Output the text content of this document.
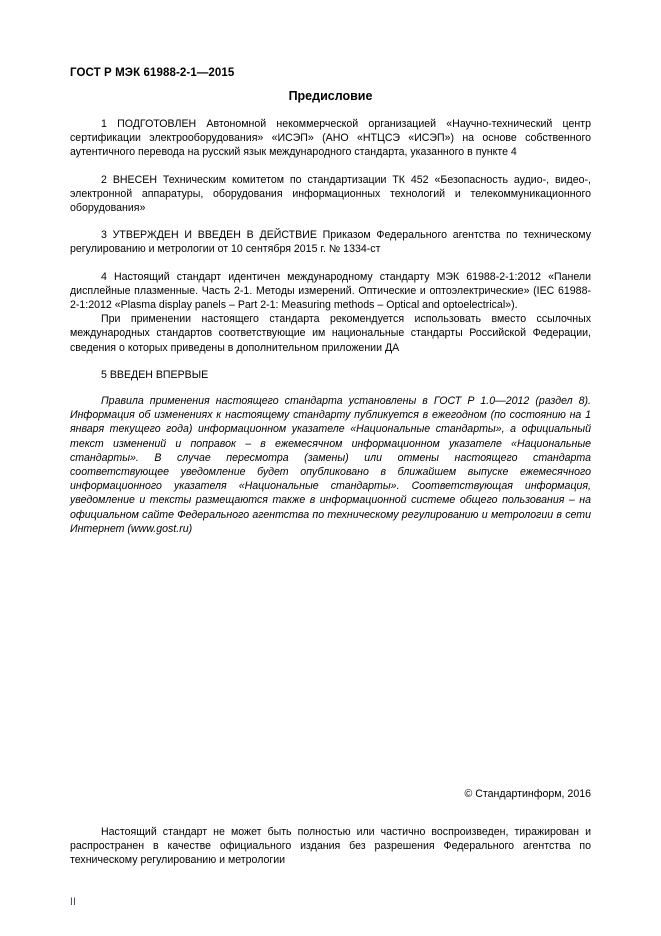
ГОСТ Р МЭК 61988-2-1—2015
Предисловие
1 ПОДГОТОВЛЕН Автономной некоммерческой организацией «Научно-технический центр сертификации электрооборудования» «ИСЭП» (АНО «НТЦСЭ «ИСЭП») на основе собственного аутентичного перевода на русский язык международного стандарта, указанного в пункте 4
2 ВНЕСЕН Техническим комитетом по стандартизации ТК 452 «Безопасность аудио-, видео-, электронной аппаратуры, оборудования информационных технологий и телекоммуникационного оборудования»
3 УТВЕРЖДЕН И ВВЕДЕН В ДЕЙСТВИЕ Приказом Федерального агентства по техническому регулированию и метрологии от 10 сентября 2015 г. № 1334-ст
4 Настоящий стандарт идентичен международному стандарту МЭК 61988-2-1:2012 «Панели дисплейные плазменные. Часть 2-1. Методы измерений. Оптические и оптоэлектрические» (IEC 61988-2-1:2012 «Plasma display panels – Part 2-1: Measuring methods – Optical and optoelectrical»).
При применении настоящего стандарта рекомендуется использовать вместо ссылочных международных стандартов соответствующие им национальные стандарты Российской Федерации, сведения о которых приведены в дополнительном приложении ДА
5 ВВЕДЕН ВПЕРВЫЕ
Правила применения настоящего стандарта установлены в ГОСТ Р 1.0—2012 (раздел 8). Информация об изменениях к настоящему стандарту публикуется в ежегодном (по состоянию на 1 января текущего года) информационном указателе «Национальные стандарты», а официальный текст изменений и поправок – в ежемесячном информационном указателе «Национальные стандарты». В случае пересмотра (замены) или отмены настоящего стандарта соответствующее уведомление будет опубликовано в ближайшем выпуске ежемесячного информационного указателя «Национальные стандарты». Соответствующая информация, уведомление и тексты размещаются также в информационной системе общего пользования – на официальном сайте Федерального агентства по техническому регулированию и метрологии в сети Интернет (www.gost.ru)
© Стандартинформ, 2016
Настоящий стандарт не может быть полностью или частично воспроизведен, тиражирован и распространен в качестве официального издания без разрешения Федерального агентства по техническому регулированию и метрологии
II
